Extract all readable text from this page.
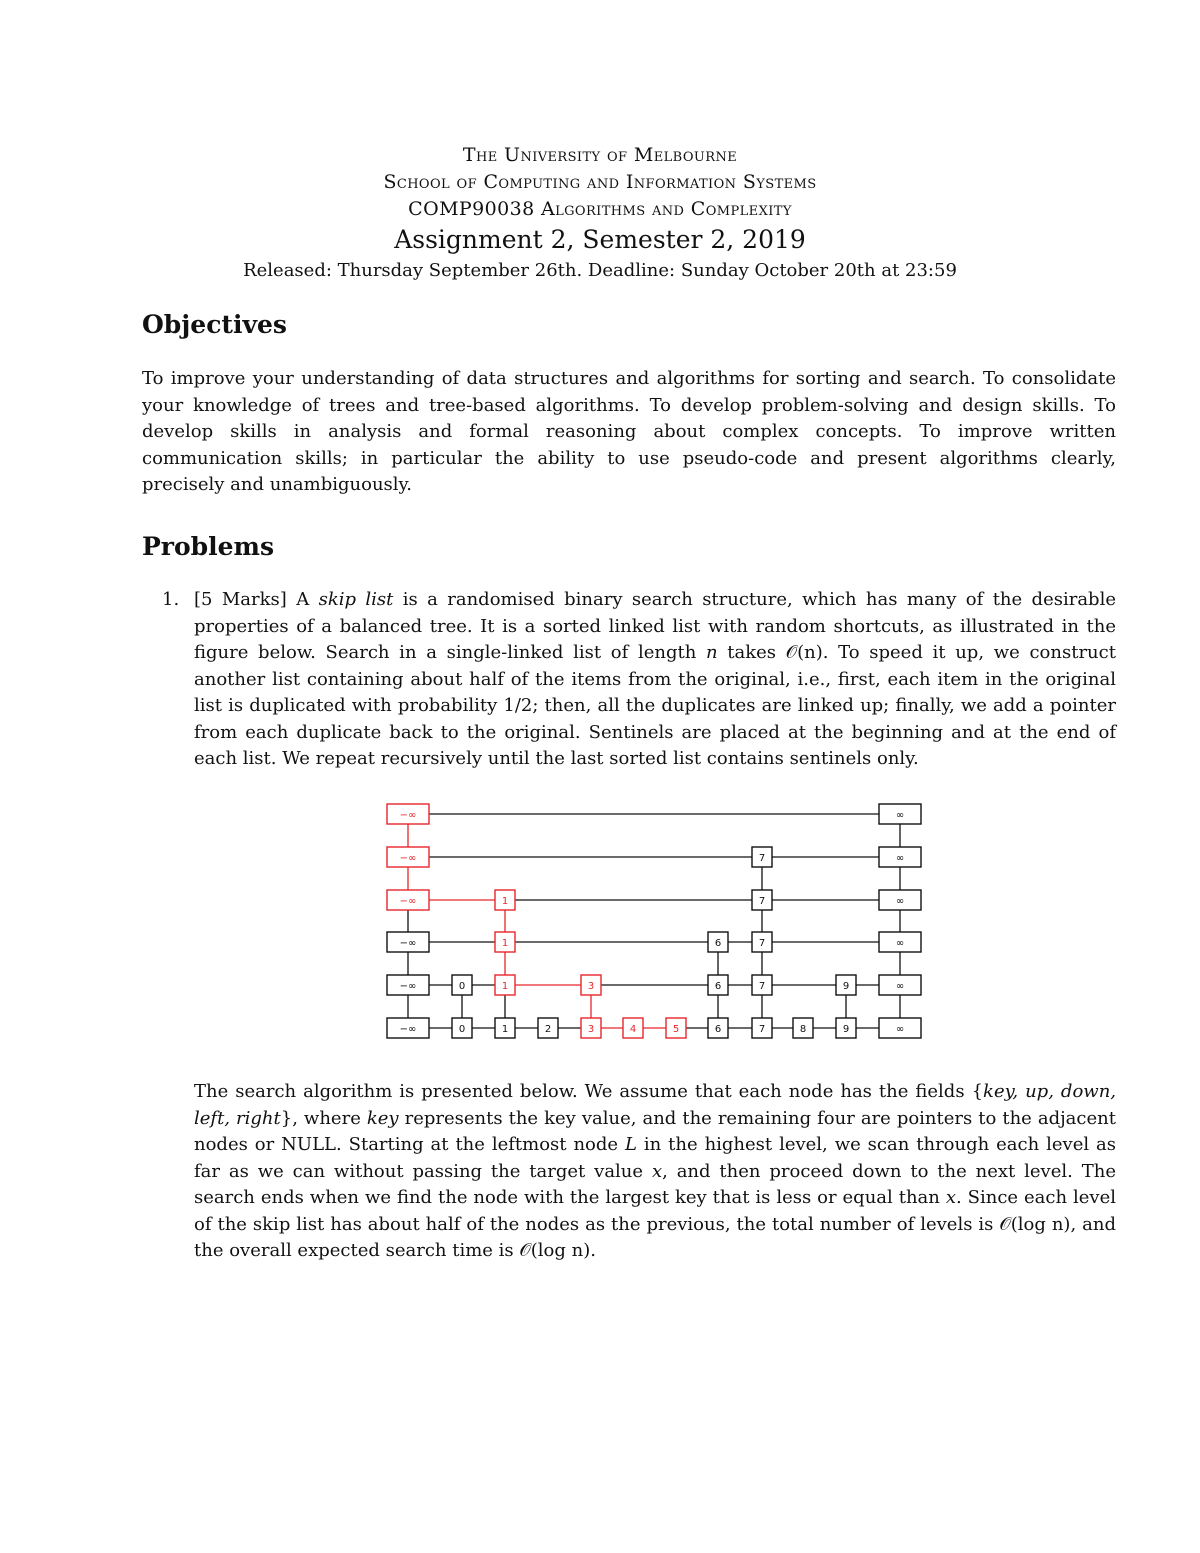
The University of Melbourne
School of Computing and Information Systems
COMP90038 Algorithms and Complexity
Assignment 2, Semester 2, 2019
Released: Thursday September 26th. Deadline: Sunday October 20th at 23:59
Objectives

To improve your understanding of data structures and algorithms for sorting and search. To consolidate your knowledge of trees and tree-based algorithms. To develop problem-solving and design skills. To develop skills in analysis and formal reasoning about complex concepts. To improve written communication skills; in particular the ability to use pseudo-code and present algorithms clearly, precisely and unambiguously.

Problems
1. [5 Marks] A skip list is a randomised binary search structure, which has many of the desirable properties of a balanced tree. It is a sorted linked list with random shortcuts, as illustrated in the figure below. Search in a single-linked list of length n takes 𝒪(n). To speed it up, we construct another list containing about half of the items from the original, i.e., first, each item in the original list is duplicated with probability 1/2; then, all the duplicates are linked up; finally, we add a pointer from each duplicate back to the original. Sentinels are placed at the beginning and at the end of each list. We repeat recursively until the last sorted list contains sentinels only.

−∞	∞
−∞	7	∞
−∞	1	7	∞
−∞	1	6	7	∞
−∞	0	1	3	6	7	9	∞
−∞	0	1	2	3	4	5	6	7	8	9	∞

The search algorithm is presented below. We assume that each node has the fields {key, up, down, left, right}, where key represents the key value, and the remaining four are pointers to the adjacent nodes or NULL. Starting at the leftmost node L in the highest level, we scan through each level as far as we can without passing the target value x, and then proceed down to the next level. The search ends when we find the node with the largest key that is less or equal than x. Since each level of the skip list has about half of the nodes as the previous, the total number of levels is 𝒪(log n), and the overall expected search time is 𝒪(log n).
